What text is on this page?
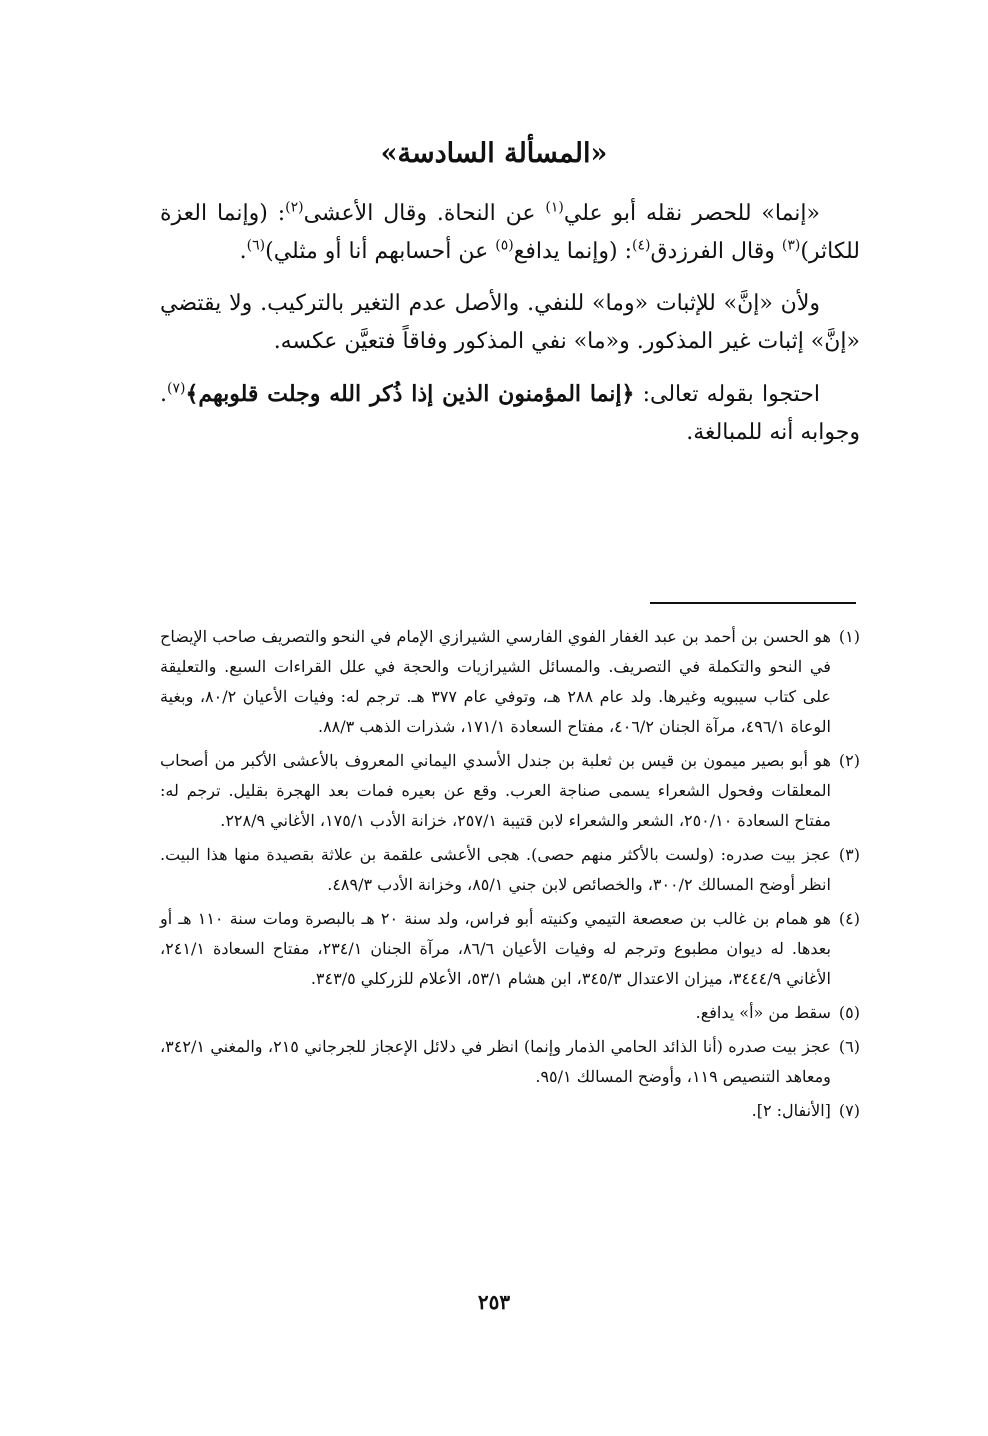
«المسألة السادسة»

«إنما» للحصر نقله أبو علي$^{(١)}$ عن النحاة. وقال الأعشى$^{(٢)}$: (وإنما العزة للكاثر)$^{(٣)}$ وقال الفرزدق$^{(٤)}$: (وإنما يدافع$^{(٥)}$ عن أحسابهم أنا أو مثلي)$^{(٦)}$.

ولأن «إنَّ» للإثبات «وما» للنفي. والأصل عدم التغير بالتركيب. ولا يقتضي «إنَّ» إثبات غير المذكور. و«ما» نفي المذكور وفاقاً فتعيَّن عكسه.

احتجوا بقوله تعالى: ﴿إنما المؤمنون الذين إذا ذُكر الله وجلت قلوبهم﴾$^{(٧)}$. وجوابه أنه للمبالغة.

(١)
هو الحسن بن أحمد بن عبد الغفار الفوي الفارسي الشيرازي الإمام في النحو والتصريف صاحب الإيضاح في النحو والتكملة في التصريف. والمسائل الشيرازيات والحجة في علل القراءات السبع. والتعليقة على كتاب سيبويه وغيرها. ولد عام ٢٨٨ هـ، وتوفي عام ٣٧٧ هـ. ترجم له: وفيات الأعيان ٨٠/٢، وبغية الوعاة ٤٩٦/١، مرآة الجنان ٤٠٦/٢، مفتاح السعادة ١٧١/١، شذرات الذهب ٨٨/٣.
(٢)
هو أبو بصير ميمون بن قيس بن ثعلبة بن جندل الأسدي اليماني المعروف بالأعشى الأكبر من أصحاب المعلقات وفحول الشعراء يسمى صناجة العرب. وقع عن بعيره فمات بعد الهجرة بقليل. ترجم له: مفتاح السعادة ٢٥٠/١٠، الشعر والشعراء لابن قتيبة ٢٥٧/١، خزانة الأدب ١٧٥/١، الأغاني ٢٢٨/٩.
(٣)
عجز بيت صدره: (ولست بالأكثر منهم حصى). هجى الأعشى علقمة بن علاثة بقصيدة منها هذا البيت. انظر أوضح المسالك ٣٠٠/٢، والخصائص لابن جني ٨٥/١، وخزانة الأدب ٤٨٩/٣.
(٤)
هو همام بن غالب بن صعصعة التيمي وكنيته أبو فراس، ولد سنة ٢٠ هـ بالبصرة ومات سنة ١١٠ هـ أو بعدها. له ديوان مطبوع وترجم له وفيات الأعيان ٨٦/٦، مرآة الجنان ٢٣٤/١، مفتاح السعادة ٢٤١/١، الأغاني ٣٤٤٤/٩، ميزان الاعتدال ٣٤٥/٣، ابن هشام ٥٣/١، الأعلام للزركلي ٣٤٣/٥.
(٥)
سقط من «أ» يدافع.
(٦)
عجز بيت صدره (أنا الذائد الحامي الذمار وإنما) انظر في دلائل الإعجاز للجرجاني ٢١٥، والمغني ٣٤٢/١، ومعاهد التنصيص ١١٩، وأوضح المسالك ٩٥/١.
(٧)
[الأنفال: ٢].
٢٥٣
